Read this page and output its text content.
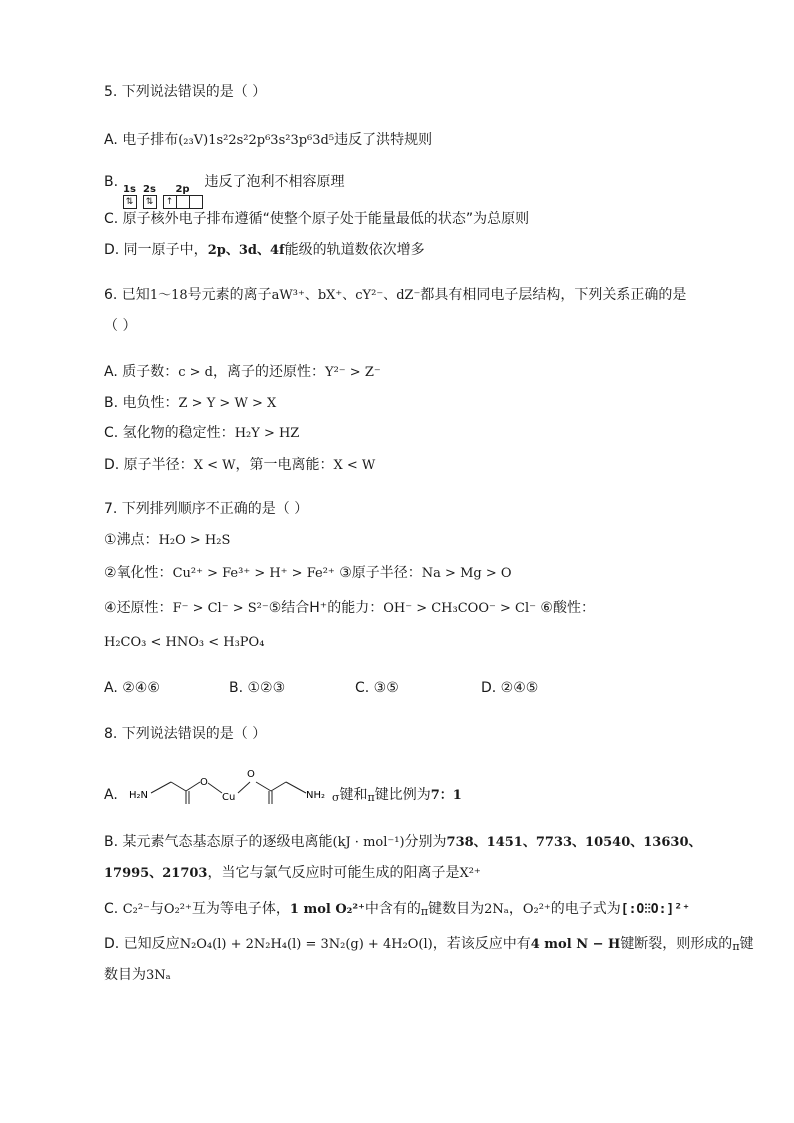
5. 下列说法错误的是（ ）
A. 电子排布(₂₃V)1s²2s²2p⁶3s²3p⁶3d⁵违反了洪特规则
B. 1s
⇅
2s
⇅
2p
↑
违反了泡利不相容原理
C. 原子核外电子排布遵循“使整个原子处于能量最低的状态”为总原则
D. 同一原子中，2p、3d、4f能级的轨道数依次增多
6. 已知1～18号元素的离子aW³⁺、bX⁺、cY²⁻、dZ⁻都具有相同电子层结构，下列关系正确的是
（ ）
A. 质子数：c > d，离子的还原性：Y²⁻ > Z⁻
B. 电负性：Z > Y > W > X
C. 氢化物的稳定性：H₂Y > HZ
D. 原子半径：X < W，第一电离能：X < W
7. 下列排列顺序不正确的是（ ）
①沸点：H₂O > H₂S
②氧化性：Cu²⁺ > Fe³⁺ > H⁺ > Fe²⁺ ③原子半径：Na > Mg > O
④还原性：F⁻ > Cl⁻ > S²⁻⑤结合H⁺的能力：OH⁻ > CH₃COO⁻ > Cl⁻ ⑥酸性：
H₂CO₃ < HNO₃ < H₃PO₄
A. ②④⑥	B. ①②③	C. ③⑤	D. ②④⑤
8. 下列说法错误的是（ ）
A. H₂N
O
Cu
O
NH₂ σ键和π键比例为7：1
B. 某元素气态基态原子的逐级电离能(kJ · mol⁻¹)分别为738、1451、7733、10540、13630、
17995、21703，当它与氯气反应时可能生成的阳离子是X²⁺
C. C₂²⁻与O₂²⁺互为等电子体，1 mol O₂²⁺中含有的π键数目为2Nₐ，O₂²⁺的电子式为[:O⫶⫶O:]²⁺
D. 已知反应N₂O₄(l) + 2N₂H₄(l) = 3N₂(g) + 4H₂O(l)，若该反应中有4 mol N − H键断裂，则形成的π键
数目为3Nₐ
